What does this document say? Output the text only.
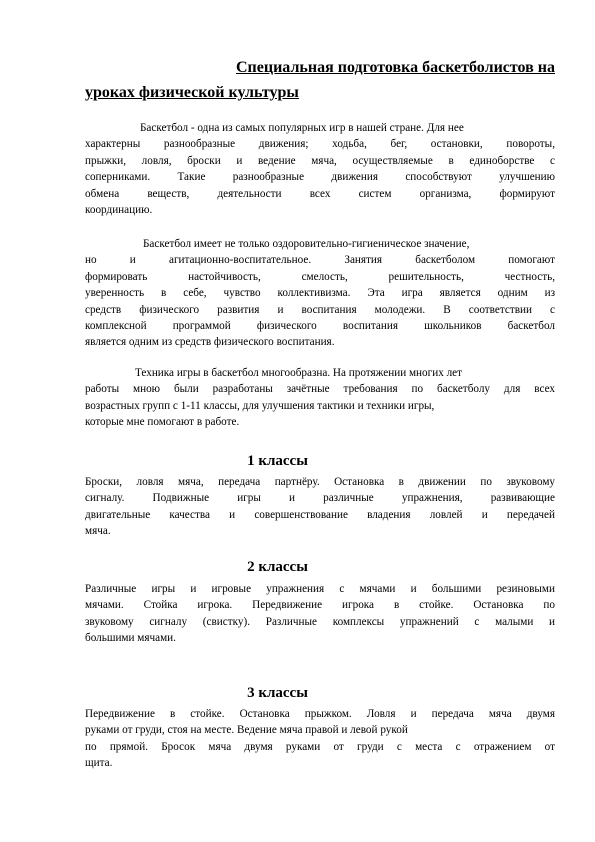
Специальная подготовка баскетболистов на
уроках физической культуры
Баскетбол - одна из самых популярных игр в нашей стране. Для нее
характерны разнообразные движения; ходьба, бег, остановки, повороты,
прыжки, ловля, броски и ведение мяча, осуществляемые в единоборстве с
соперниками. Такие разнообразные движения способствуют улучшению
обмена веществ, деятельности всех систем организма, формируют
координацию.
Баскетбол имеет не только оздоровительно-гигиеническое значение,
но и агитационно-воспитательное. Занятия баскетболом помогают
формировать настойчивость, смелость, решительность, честность,
уверенность в себе, чувство коллективизма. Эта игра является одним из
средств физического развития и воспитания молодежи. В соответствии с
комплексной программой физического воспитания школьников баскетбол
является одним из средств физического воспитания.
Техника игры в баскетбол многообразна. На протяжении многих лет
работы мною были разработаны зачётные требования по баскетболу для всех
возрастных групп с 1-11 классы, для улучшения тактики и техники игры,
которые мне помогают в работе.
1 классы
Броски, ловля мяча, передача партнёру. Остановка в движении по звуковому
сигналу. Подвижные игры и различные упражнения, развивающие
двигательные качества и совершенствование владения ловлей и передачей
мяча.
2 классы
Различные игры и игровые упражнения с мячами и большими резиновыми
мячами. Стойка игрока. Передвижение игрока в стойке. Остановка по
звуковому сигналу (свистку). Различные комплексы упражнений с малыми и
большими мячами.
3 классы
Передвижение в стойке. Остановка прыжком. Ловля и передача мяча двумя
руками от груди, стоя на месте. Ведение мяча правой и левой рукой
по прямой. Бросок мяча двумя руками от груди с места с отражением от
щита.
